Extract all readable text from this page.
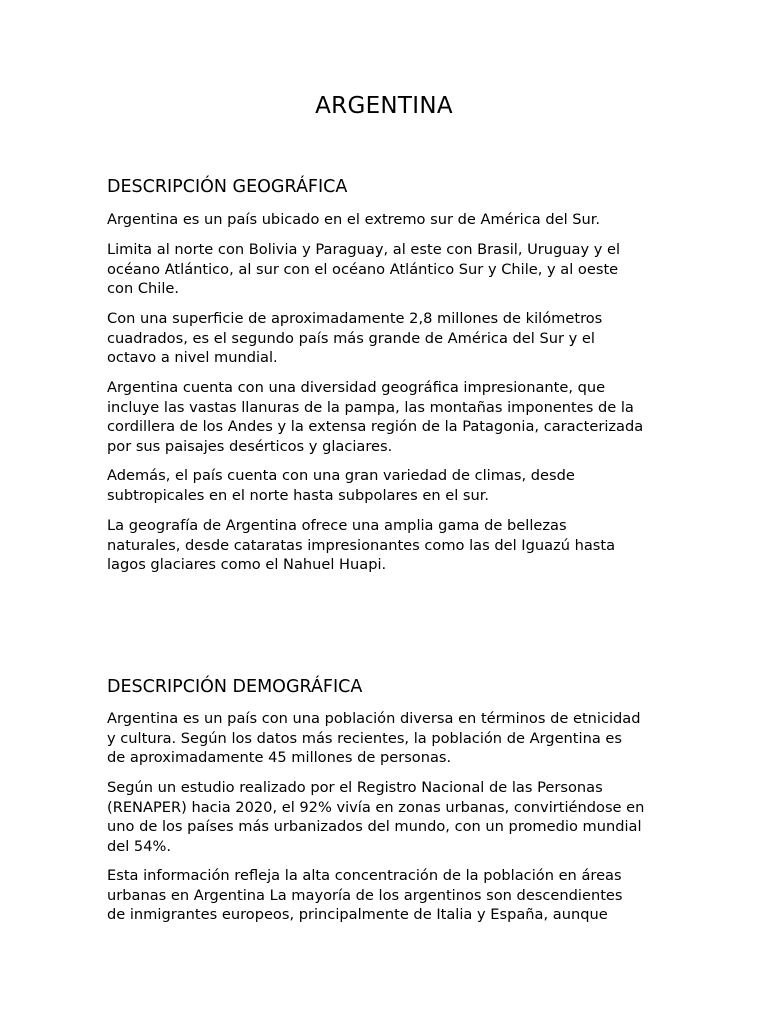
ARGENTINA
DESCRIPCIÓN GEOGRÁFICA

Argentina es un país ubicado en el extremo sur de América del Sur.

Limita al norte con Bolivia y Paraguay, al este con Brasil, Uruguay y el
océano Atlántico, al sur con el océano Atlántico Sur y Chile, y al oeste
con Chile.

Con una superficie de aproximadamente 2,8 millones de kilómetros
cuadrados, es el segundo país más grande de América del Sur y el
octavo a nivel mundial.

Argentina cuenta con una diversidad geográfica impresionante, que
incluye las vastas llanuras de la pampa, las montañas imponentes de la
cordillera de los Andes y la extensa región de la Patagonia, caracterizada
por sus paisajes desérticos y glaciares.

Además, el país cuenta con una gran variedad de climas, desde
subtropicales en el norte hasta subpolares en el sur.

La geografía de Argentina ofrece una amplia gama de bellezas
naturales, desde cataratas impresionantes como las del Iguazú hasta
lagos glaciares como el Nahuel Huapi.

DESCRIPCIÓN DEMOGRÁFICA

Argentina es un país con una población diversa en términos de etnicidad
y cultura. Según los datos más recientes, la población de Argentina es
de aproximadamente 45 millones de personas.

Según un estudio realizado por el Registro Nacional de las Personas
(RENAPER) hacia 2020, el 92% vivía en zonas urbanas, convirtiéndose en
uno de los países más urbanizados del mundo, con un promedio mundial
del 54%.

Esta información refleja la alta concentración de la población en áreas
urbanas en Argentina La mayoría de los argentinos son descendientes
de inmigrantes europeos, principalmente de Italia y España, aunque
